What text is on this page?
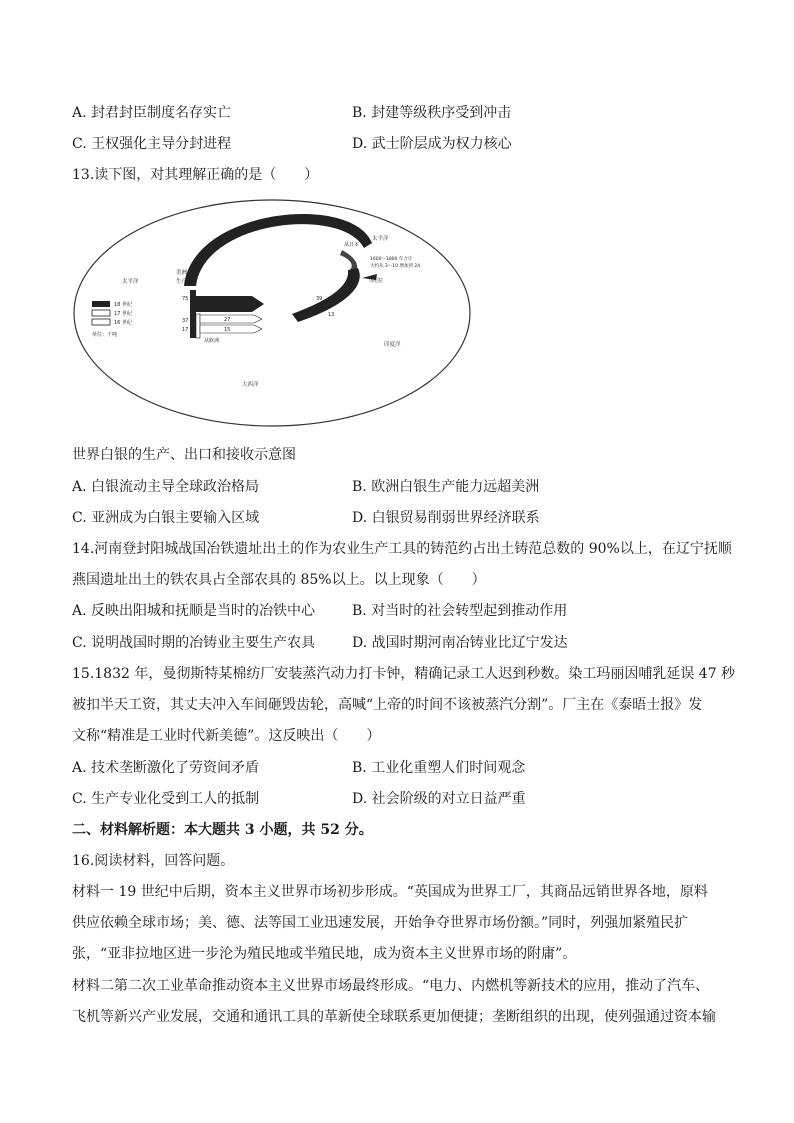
A. 封君封臣制度名存实亡	B. 封建等级秩序受到冲击
C. 王权强化主导分封进程	D. 武士阶层成为权力核心
13.读下图，对其理解正确的是（　　）
18 世纪
17 世纪
16 世纪
单位：千吨
美洲
生产量
75
37
17
54
27
15
从欧洲
39
13
从日本
从美
洲
太平洋
1600～1800 年合计
大约从 3～10 增加到 24
马尼拉
太平洋
印度洋
大西洋
世界白银的生产、出口和接收示意图
A. 白银流动主导全球政治格局	B. 欧洲白银生产能力远超美洲
C. 亚洲成为白银主要输入区域	D. 白银贸易削弱世界经济联系
14.河南登封阳城战国冶铁遗址出土的作为农业生产工具的铸范约占出土铸范总数的 90%以上，在辽宁抚顺
燕国遗址出土的铁农具占全部农具的 85%以上。以上现象（　　）
A. 反映出阳城和抚顺是当时的冶铁中心	B. 对当时的社会转型起到推动作用
C. 说明战国时期的冶铸业主要生产农具	D. 战国时期河南冶铸业比辽宁发达
15.1832 年，曼彻斯特某棉纺厂安装蒸汽动力打卡钟，精确记录工人迟到秒数。染工玛丽因哺乳延误 47 秒
被扣半天工资，其丈夫冲入车间砸毁齿轮，高喊“上帝的时间不该被蒸汽分割”。厂主在《泰晤士报》发
文称“精准是工业时代新美德”。这反映出（　　）
A. 技术垄断激化了劳资间矛盾	B. 工业化重塑人们时间观念
C. 生产专业化受到工人的抵制	D. 社会阶级的对立日益严重
二、材料解析题：本大题共 3 小题，共 52 分。
16.阅读材料，回答问题。
材料一 19 世纪中后期，资本主义世界市场初步形成。“英国成为世界工厂，其商品远销世界各地，原料
供应依赖全球市场；美、德、法等国工业迅速发展，开始争夺世界市场份额。”同时，列强加紧殖民扩
张，“亚非拉地区进一步沦为殖民地或半殖民地，成为资本主义世界市场的附庸”。
材料二第二次工业革命推动资本主义世界市场最终形成。“电力、内燃机等新技术的应用，推动了汽车、
飞机等新兴产业发展，交通和通讯工具的革新使全球联系更加便捷；垄断组织的出现，使列强通过资本输
